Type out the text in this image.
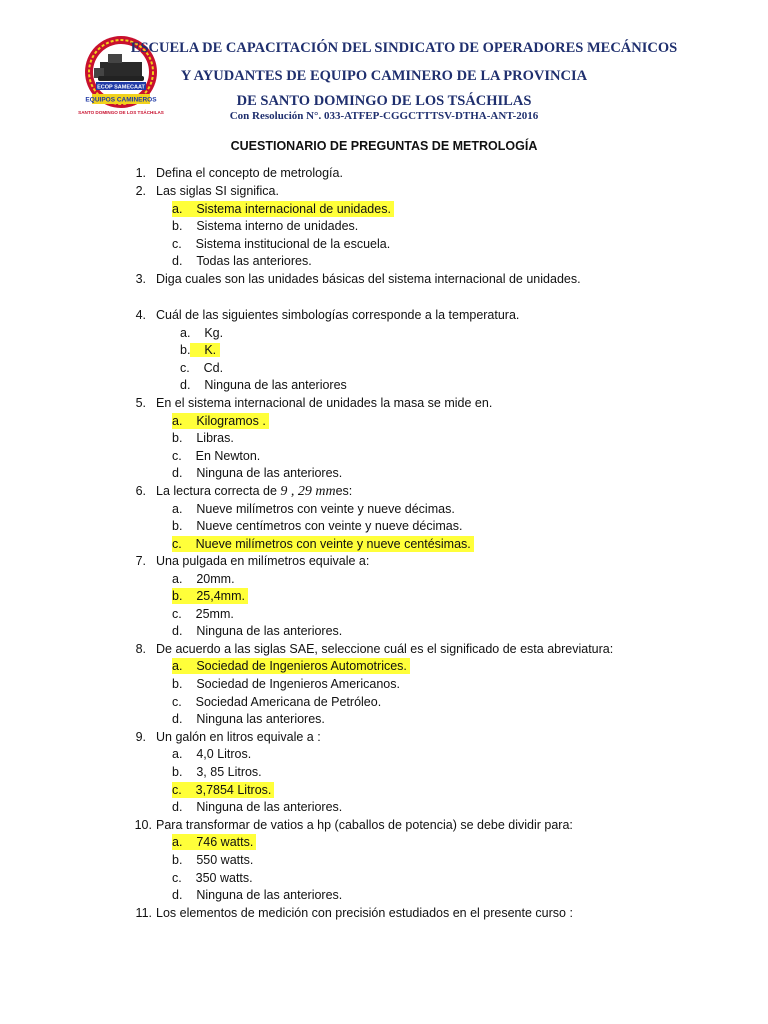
ECOP SAMECAAT
EQUIPOS CAMINEROS
SANTO DOMINGO DE LOS TSÁCHILAS
ESCUELA DE CAPACITACIÓN DEL SINDICATO DE OPERADORES MECÁNICOS
Y AYUDANTES DE EQUIPO CAMINERO DE LA PROVINCIA
DE SANTO DOMINGO DE LOS TSÁCHILAS
Con Resolución N°. 033-ATFEP-CGGCTTTSV-DTHA-ANT-2016
CUESTIONARIO DE PREGUNTAS DE METROLOGÍA
1. Defina el concepto de metrología.
2. Las siglas SI significa.
a. Sistema internacional de unidades.
b. Sistema interno de unidades.
c. Sistema institucional de la escuela.
d. Todas las anteriores.
3. Diga cuales son las unidades básicas del sistema internacional de unidades.
4. Cuál de las siguientes simbologías corresponde a la temperatura.
a. Kg.
b. K.
c. Cd.
d. Ninguna de las anteriores
5. En el sistema internacional de unidades la masa se mide en.
a. Kilogramos .
b. Libras.
c. En Newton.
d. Ninguna de las anteriores.
6. La lectura correcta de 9 , 29 mmes:
a. Nueve milímetros con veinte y nueve décimas.
b. Nueve centímetros con veinte y nueve décimas.
c. Nueve milímetros con veinte y nueve centésimas.
7. Una pulgada en milímetros equivale a:
a. 20mm.
b. 25,4mm.
c. 25mm.
d. Ninguna de las anteriores.
8. De acuerdo a las siglas SAE, seleccione cuál es el significado de esta abreviatura:
a. Sociedad de Ingenieros Automotrices.
b. Sociedad de Ingenieros Americanos.
c. Sociedad Americana de Petróleo.
d. Ninguna las anteriores.
9. Un galón en litros equivale a :
a. 4,0 Litros.
b. 3, 85 Litros.
c. 3,7854 Litros.
d. Ninguna de las anteriores.
10. Para transformar de vatios a hp (caballos de potencia) se debe dividir para:
a. 746 watts.
b. 550 watts.
c. 350 watts.
d. Ninguna de las anteriores.
11. Los elementos de medición con precisión estudiados en el presente curso :
